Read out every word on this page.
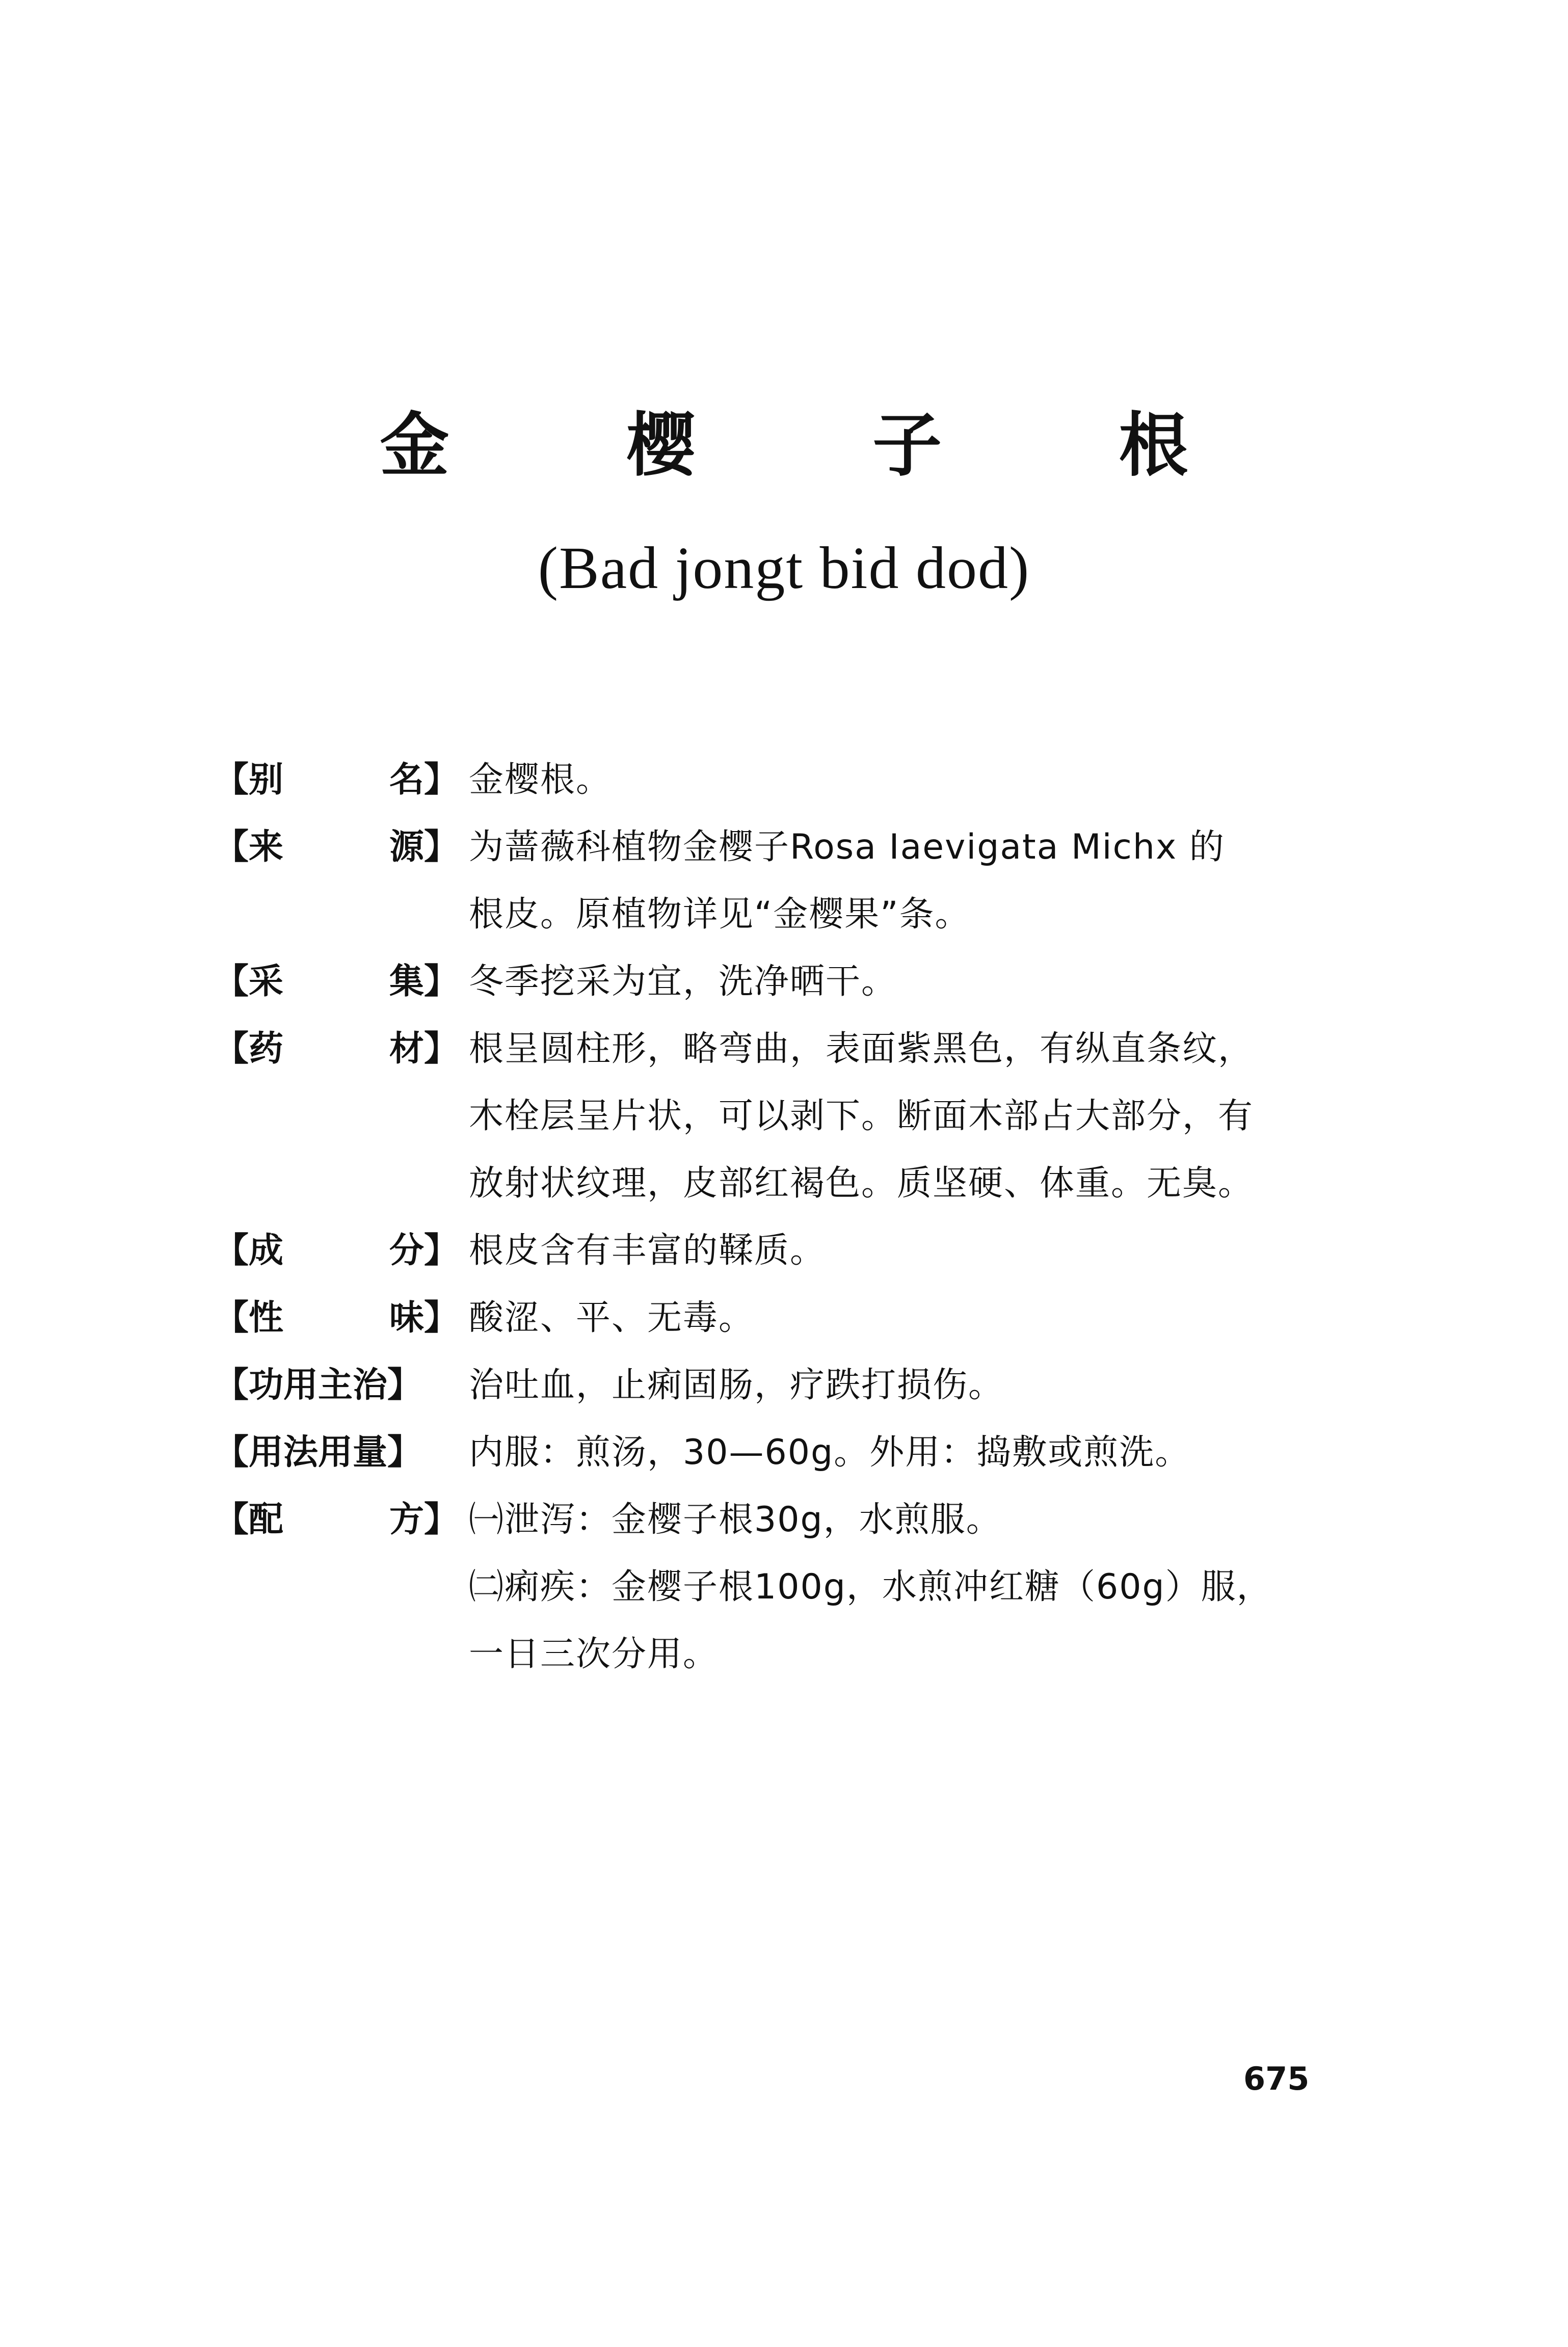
金 樱 子 根
(Bad jongt bid dod)
【别	名】 金樱根。
【来	源】 为蔷薇科植物金樱子Rosa Iaevigata Michx 的
根皮。原植物详见“金樱果”条。
【采	集】 冬季挖采为宜，洗净晒干。
【药	材】 根呈圆柱形，略弯曲，表面紫黑色，有纵直条纹，
木栓层呈片状，可以剥下。断面木部占大部分，有
放射状纹理，皮部红褐色。质坚硬、体重。无臭。
【成	分】 根皮含有丰富的鞣质。
【性	味】 酸涩、平、无毒。
【功用主治】 治吐血，止痢固肠，疗跌打损伤。
【用法用量】 内服：煎汤，30—60g。外用：捣敷或煎洗。
【配	方】 ㈠泄泻：金樱子根30g，水煎服。
㈡痢疾：金樱子根100g，水煎冲红糖（60g）服，
一日三次分用。
675
